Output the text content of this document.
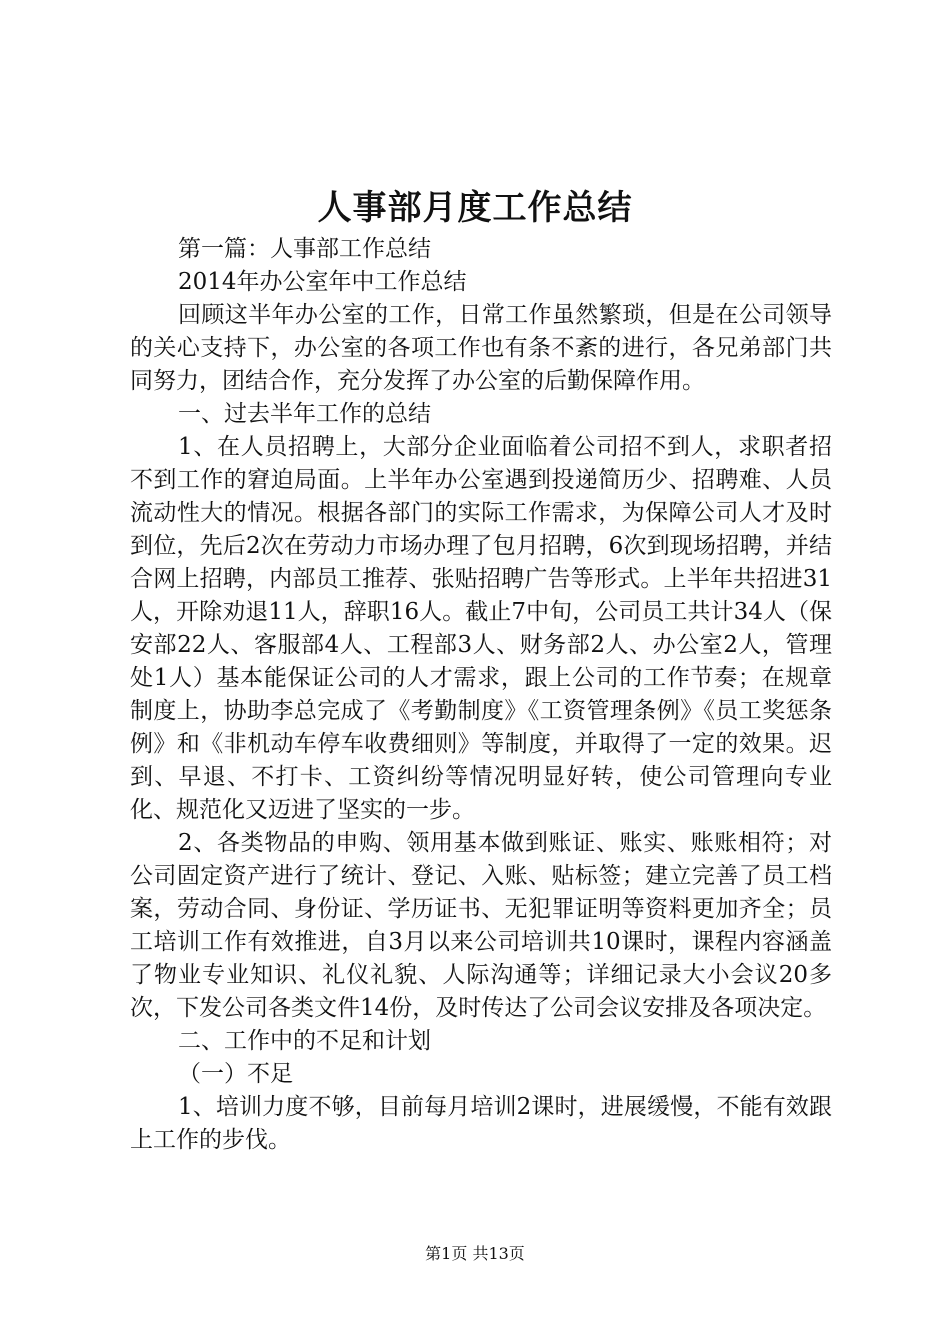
人事部月度工作总结

第一篇：人事部工作总结

2014年办公室年中工作总结

回顾这半年办公室的工作，日常工作虽然繁琐，但是在公司领导的关心支持下，办公室的各项工作也有条不紊的进行，各兄弟部门共同努力，团结合作，充分发挥了办公室的后勤保障作用。

一、过去半年工作的总结

1、在人员招聘上，大部分企业面临着公司招不到人，求职者招不到工作的窘迫局面。上半年办公室遇到投递简历少、招聘难、人员流动性大的情况。根据各部门的实际工作需求，为保障公司人才及时到位，先后2次在劳动力市场办理了包月招聘，6次到现场招聘，并结合网上招聘，内部员工推荐、张贴招聘广告等形式。上半年共招进31人，开除劝退11人，辞职16人。截止7中旬，公司员工共计34人（保安部22人、客服部4人、工程部3人、财务部2人、办公室2人，管理处1人）基本能保证公司的人才需求，跟上公司的工作节奏；在规章制度上，协助李总完成了《考勤制度》《工资管理条例》《员工奖惩条例》和《非机动车停车收费细则》等制度，并取得了一定的效果。迟到、早退、不打卡、工资纠纷等情况明显好转，使公司管理向专业化、规范化又迈进了坚实的一步。

2、各类物品的申购、领用基本做到账证、账实、账账相符；对公司固定资产进行了统计、登记、入账、贴标签；建立完善了员工档案，劳动合同、身份证、学历证书、无犯罪证明等资料更加齐全；员工培训工作有效推进，自3月以来公司培训共10课时，课程内容涵盖了物业专业知识、礼仪礼貌、人际沟通等；详细记录大小会议20多次，下发公司各类文件14份，及时传达了公司会议安排及各项决定。

二、工作中的不足和计划

（一）不足

1、培训力度不够，目前每月培训2课时，进展缓慢，不能有效跟上工作的步伐。

第1页 共13页
